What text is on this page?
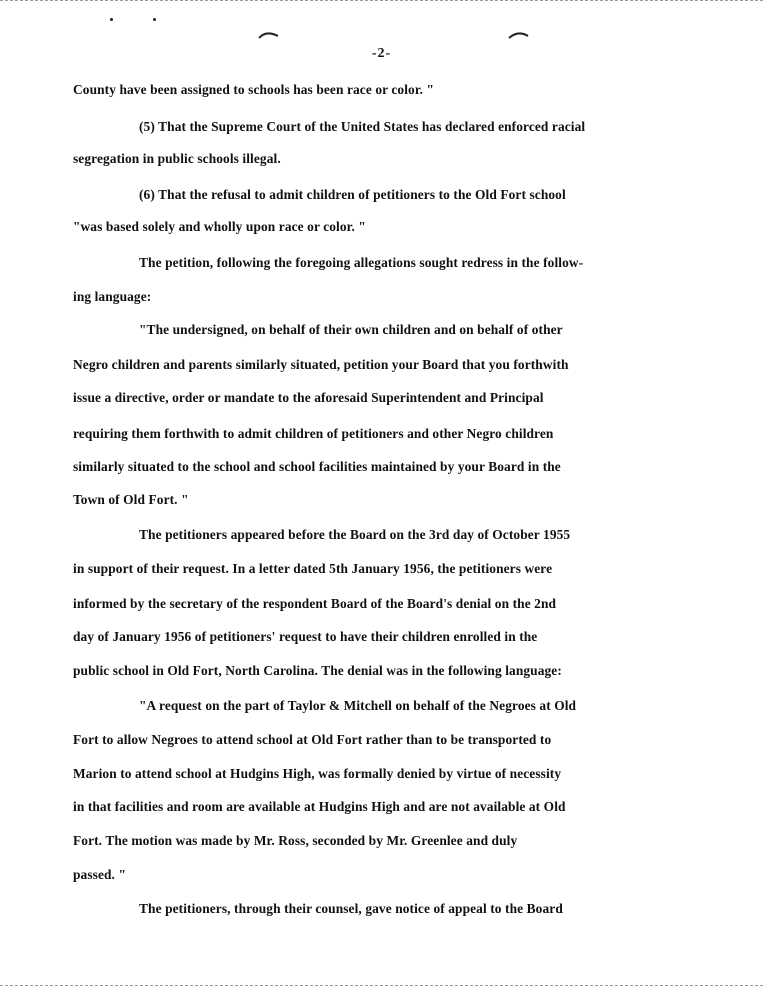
-2-
County have been assigned to schools has been race or color. "
(5) That the Supreme Court of the United States has declared enforced racial
segregation in public schools illegal.
(6) That the refusal to admit children of petitioners to the Old Fort school
"was based solely and wholly upon race or color. "
The petition, following the foregoing allegations sought redress in the follow-
ing language:
"The undersigned, on behalf of their own children and on behalf of other
Negro children and parents similarly situated, petition your Board that you forthwith
issue a directive, order or mandate to the aforesaid Superintendent and Principal
requiring them forthwith to admit children of petitioners and other Negro children
similarly situated to the school and school facilities maintained by your Board in the
Town of Old Fort. "
The petitioners appeared before the Board on the 3rd day of October 1955
in support of their request. In a letter dated 5th January 1956, the petitioners were
informed by the secretary of the respondent Board of the Board's denial on the 2nd
day of January 1956 of petitioners' request to have their children enrolled in the
public school in Old Fort, North Carolina. The denial was in the following language:
"A request on the part of Taylor & Mitchell on behalf of the Negroes at Old
Fort to allow Negroes to attend school at Old Fort rather than to be transported to
Marion to attend school at Hudgins High, was formally denied by virtue of necessity
in that facilities and room are available at Hudgins High and are not available at Old
Fort. The motion was made by Mr. Ross, seconded by Mr. Greenlee and duly
passed. "
The petitioners, through their counsel, gave notice of appeal to the Board
